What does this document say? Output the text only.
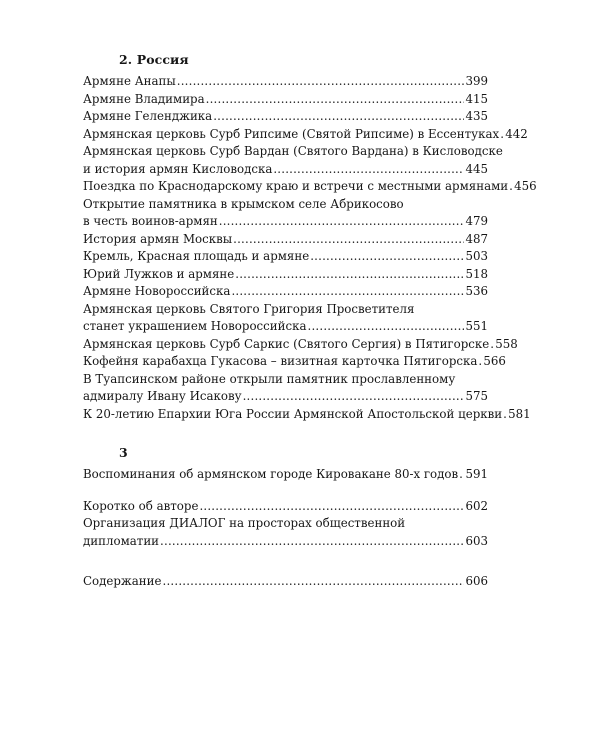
2. Россия
Армяне Анапы .....	399
Армяне Владимира .....	415
Армяне Геленджика .....	435
Армянская церковь Сурб Рипсиме (Святой Рипсиме) в Ессентуках ..... 442
Армянская церковь Сурб Вардан (Святого Вардана) в Кисловодске
и история армян Кисловодска .....	445
Поездка по Краснодарскому краю и встречи с местными армянами ..... 456
Открытие памятника в крымском селе Абрикосово
в честь воинов-армян .....	479
История армян Москвы .....	487
Кремль, Красная площадь и армяне .....	503
Юрий Лужков и армяне .....	518
Армяне Новороссийска .....	536
Армянская церковь Святого Григория Просветителя
станет украшением Новороссийска .....	551
Армянская церковь Сурб Саркис (Святого Сергия) в Пятигорске ..... 558
Кофейня карабахца Гукасова – визитная карточка Пятигорска ..... 566
В Туапсинском районе открыли памятник прославленному
адмиралу Ивану Исакову .....	575
К 20-летию Епархии Юга России Армянской Апостольской церкви ..... 581
3
Воспоминания об армянском городе Кировакане 80-х годов ..... 591
Коротко об авторе .....	602
Организация ДИАЛОГ на просторах общественной
дипломатии .....	603
Содержание .....	606
